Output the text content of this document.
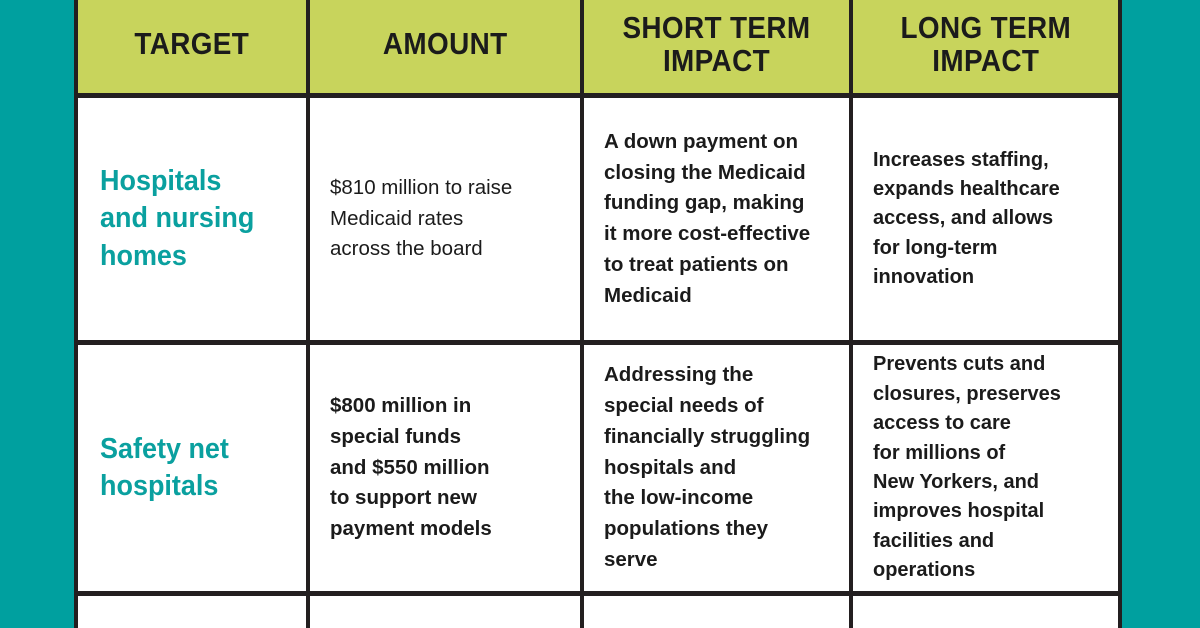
TARGET	AMOUNT	SHORT TERM
IMPACT
LONG TERM
IMPACT
Hospitals
and nursing
homes
$810 million to raise
Medicaid rates
across the board
A down payment on
closing the Medicaid
funding gap, making
it more cost-effective
to treat patients on
Medicaid
Increases staffing,
expands healthcare
access, and allows
for long-term
innovation
Safety net
hospitals
$800 million in
special funds
and $550 million
to support new
payment models
Addressing the
special needs of
financially struggling
hospitals and
the low-income
populations they
serve
Prevents cuts and
closures, preserves
access to care
for millions of
New Yorkers, and
improves hospital
facilities and
operations
